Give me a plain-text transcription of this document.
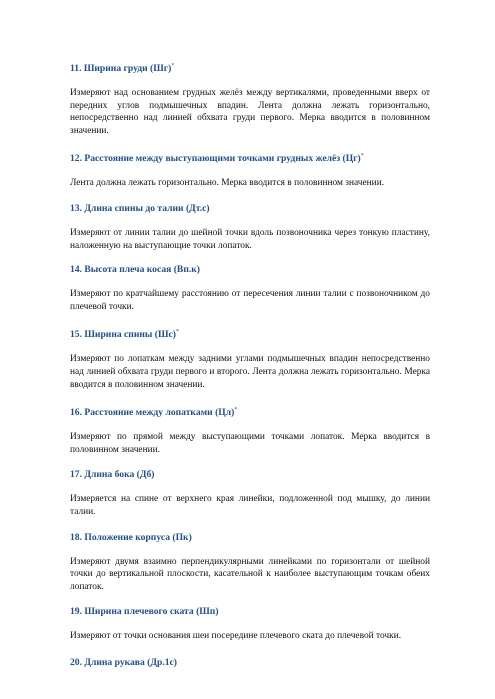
11. Ширина груди (Шг)*

Измеряют над основанием грудных желёз между вертикалями, проведенными вверх от передних углов подмышечных впадин. Лента должна лежать горизонтально, непосредственно над линией обхвата груди первого. Мерка вводится в половинном значении.

12. Расстояние между выступающими точками грудных желёз (Цг)*

Лента должна лежать горизонтально. Мерка вводится в половинном значении.

13. Длина спины до талии (Дт.с)

Измеряют от линии талии до шейной точки вдоль позвоночника через тонкую пластину, наложенную на выступающие точки лопаток.

14. Высота плеча косая (Вп.к)

Измеряют по кратчайшему расстоянию от пересечения линии талии с позвоночником до плечевой точки.

15. Ширина спины (Шс)*

Измеряют по лопаткам между задними углами подмышечных впадин непосредственно над линией обхвата груди первого и второго. Лента должна лежать горизонтально. Мерка вводится в половинном значении.

16. Расстояние между лопатками (Цл)*

Измеряют по прямой между выступающими точками лопаток. Мерка вводится в половинном значении.

17. Длина бока (Дб)

Измеряется на спине от верхнего края линейки, подложенной под мышку, до линии талии.

18. Положение корпуса (Пк)

Измеряют двумя взаимно перпендикулярными линейками по горизонтали от шейной точки до вертикальной плоскости, касательной к наиболее выступающим точкам обеих лопаток.

19. Ширина плечевого ската (Шп)

Измеряют от точки основания шеи посередине плечевого ската до плечевой точки.

20. Длина рукава (Др.1с)
